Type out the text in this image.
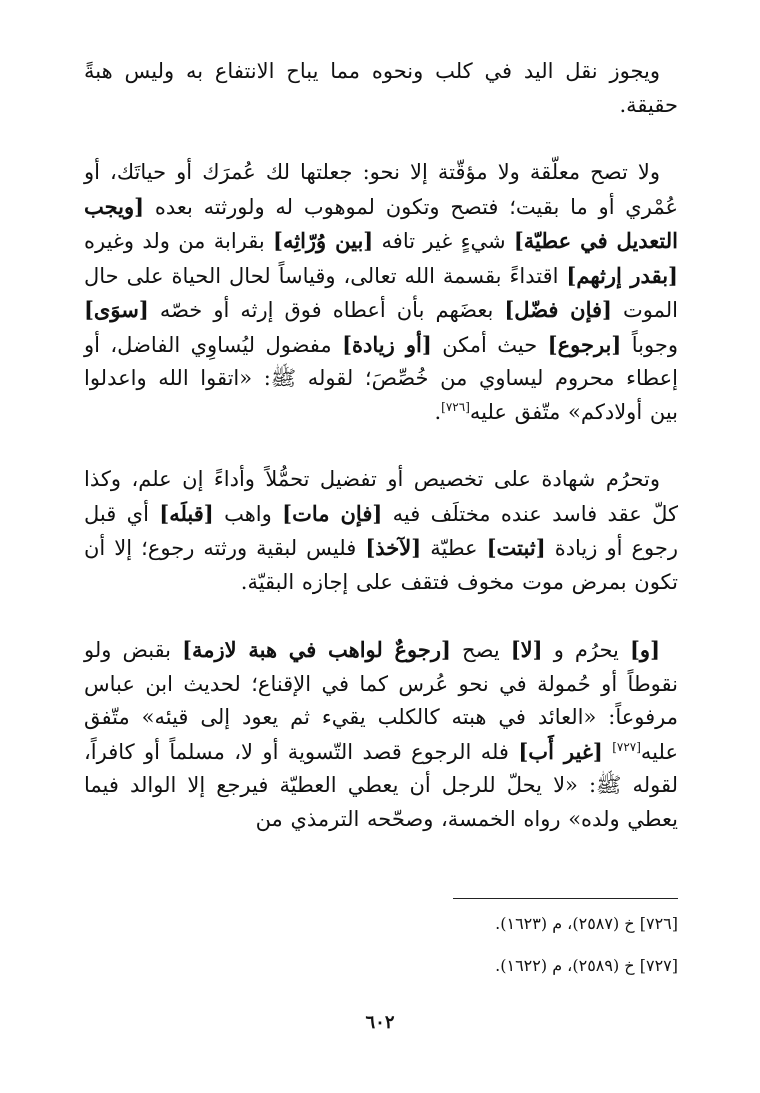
ويجوز نقل اليد في كلب ونحوه مما يباح الانتفاع به وليس هبةً حقيقة.

ولا تصح معلّقة ولا مؤقّتة إلا نحو: جعلتها لك عُمرَك أو حياتَك، أو عُمْري أو ما بقيت؛ فتصح وتكون لموهوب له ولورثته بعده [ويجب التعديل في عطيّة] شيءٍ غير تافه [بين وُرّاثِه] بقرابة من ولد وغيره [بقدر إرثهم] اقتداءً بقسمة الله تعالى، وقياساً لحال الحياة على حال الموت [فإن فضّل] بعضَهم بأن أعطاه فوق إرثه أو خصّه [سوَى] وجوباً [برجوع] حيث أمكن [أو زيادة] مفضول ليُساوِي الفاضل، أو إعطاء محروم ليساوي من خُصِّصَ؛ لقوله ﷺ: «اتقوا الله واعدلوا بين أولادكم» متّفق عليه[٧٢٦].

وتحرُم شهادة على تخصيص أو تفضيل تحمُّلاً وأداءً إن علم، وكذا كلّ عقد فاسد عنده مختلَف فيه [فإن مات] واهب [قبلَه] أي قبل رجوع أو زيادة [ثبتت] عطيّة [لآخذ] فليس لبقية ورثته رجوع؛ إلا أن تكون بمرض موت مخوف فتقف على إجازه البقيّة.

[و] يحرُم و [لا] يصح [رجوعٌ لواهب في هبة لازمة] بقبض ولو نقوطاً أو حُمولة في نحو عُرس كما في الإقناع؛ لحديث ابن عباس مرفوعاً: «العائد في هبته كالكلب يقيء ثم يعود إلى قيئه» متّفق عليه[٧٢٧] [غير أَب] فله الرجوع قصد التّسوية أو لا، مسلماً أو كافراً، لقوله ﷺ: «لا يحلّ للرجل أن يعطي العطيّة فيرجع إلا الوالد فيما يعطي ولده» رواه الخمسة، وصحّحه الترمذي من

[٧٢٦] خ (٢٥٨٧)، م (١٦٢٣).
[٧٢٧] خ (٢٥٨٩)، م (١٦٢٢).
٦٠٢
